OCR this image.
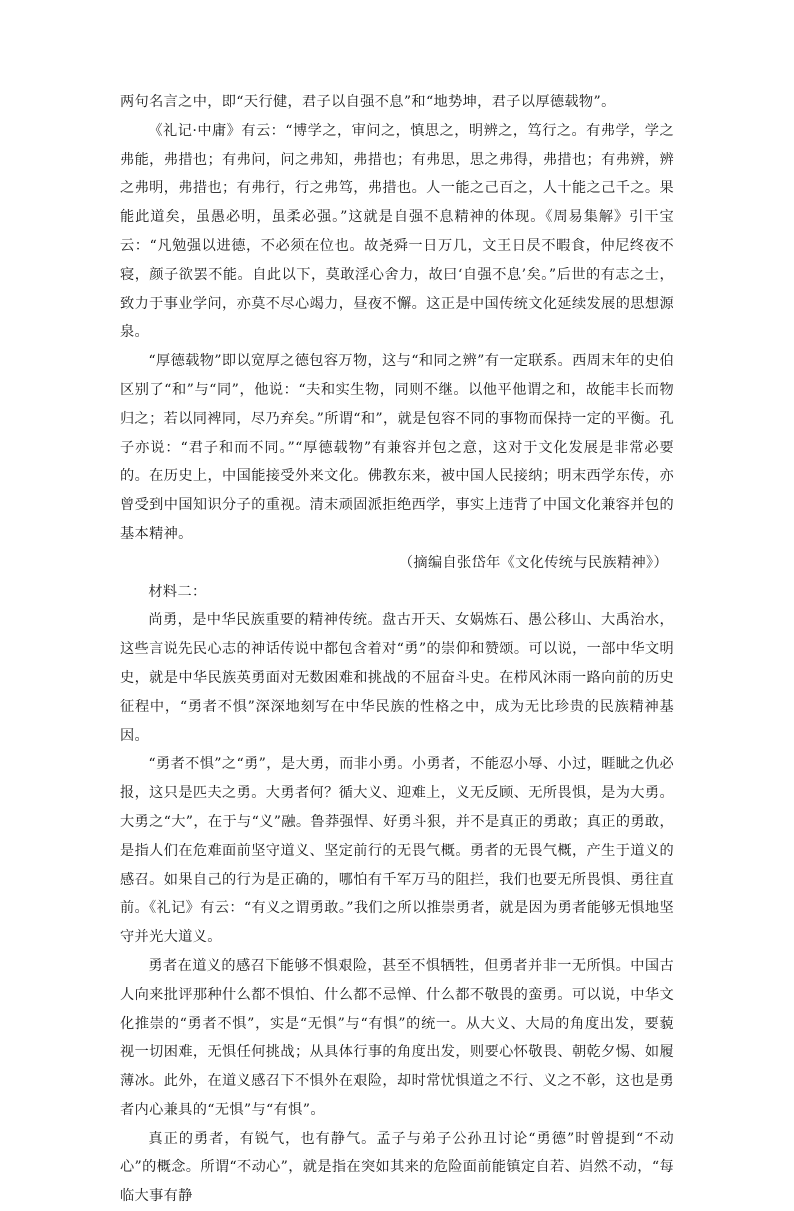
两句名言之中，即“天行健，君子以自强不息”和“地势坤，君子以厚德载物”。

《礼记·中庸》有云：“博学之，审问之，慎思之，明辨之，笃行之。有弗学，学之弗能，弗措也；有弗问，问之弗知，弗措也；有弗思，思之弗得，弗措也；有弗辨，辨之弗明，弗措也；有弗行，行之弗笃，弗措也。人一能之己百之，人十能之己千之。果能此道矣，虽愚必明，虽柔必强。”这就是自强不息精神的体现。《周易集解》引干宝云：“凡勉强以进德，不必须在位也。故尧舜一日万几，文王日昃不暇食，仲尼终夜不寝，颜子欲罢不能。自此以下，莫敢淫心舍力，故曰‘自强不息’矣。”后世的有志之士，致力于事业学问，亦莫不尽心竭力，昼夜不懈。这正是中国传统文化延续发展的思想源泉。

“厚德载物”即以宽厚之德包容万物，这与“和同之辨”有一定联系。西周末年的史伯区别了“和”与“同”，他说：“夫和实生物，同则不继。以他平他谓之和，故能丰长而物归之；若以同裨同，尽乃弃矣。”所谓“和”，就是包容不同的事物而保持一定的平衡。孔子亦说：“君子和而不同。”“厚德载物”有兼容并包之意，这对于文化发展是非常必要的。在历史上，中国能接受外来文化。佛教东来，被中国人民接纳；明末西学东传，亦曾受到中国知识分子的重视。清末顽固派拒绝西学，事实上违背了中国文化兼容并包的基本精神。

（摘编自张岱年《文化传统与民族精神》）

材料二：

尚勇，是中华民族重要的精神传统。盘古开天、女娲炼石、愚公移山、大禹治水，这些言说先民心志的神话传说中都包含着对“勇”的崇仰和赞颂。可以说，一部中华文明史，就是中华民族英勇面对无数困难和挑战的不屈奋斗史。在栉风沐雨一路向前的历史征程中，“勇者不惧”深深地刻写在中华民族的性格之中，成为无比珍贵的民族精神基因。

“勇者不惧”之“勇”，是大勇，而非小勇。小勇者，不能忍小辱、小过，睚眦之仇必报，这只是匹夫之勇。大勇者何？循大义、迎难上，义无反顾、无所畏惧，是为大勇。大勇之“大”，在于与“义”融。鲁莽强悍、好勇斗狠，并不是真正的勇敢；真正的勇敢，是指人们在危难面前坚守道义、坚定前行的无畏气概。勇者的无畏气概，产生于道义的感召。如果自己的行为是正确的，哪怕有千军万马的阻拦，我们也要无所畏惧、勇往直前。《礼记》有云：“有义之谓勇敢。”我们之所以推崇勇者，就是因为勇者能够无惧地坚守并光大道义。

勇者在道义的感召下能够不惧艰险，甚至不惧牺牲，但勇者并非一无所惧。中国古人向来批评那种什么都不惧怕、什么都不忌惮、什么都不敬畏的蛮勇。可以说，中华文化推崇的“勇者不惧”，实是“无惧”与“有惧”的统一。从大义、大局的角度出发，要藐视一切困难，无惧任何挑战；从具体行事的角度出发，则要心怀敬畏、朝乾夕惕、如履薄冰。此外，在道义感召下不惧外在艰险，却时常忧惧道之不行、义之不彰，这也是勇者内心兼具的“无惧”与“有惧”。

真正的勇者，有锐气，也有静气。孟子与弟子公孙丑讨论“勇德”时曾提到“不动心”的概念。所谓“不动心”，就是指在突如其来的危险面前能镇定自若、岿然不动，“每临大事有静
